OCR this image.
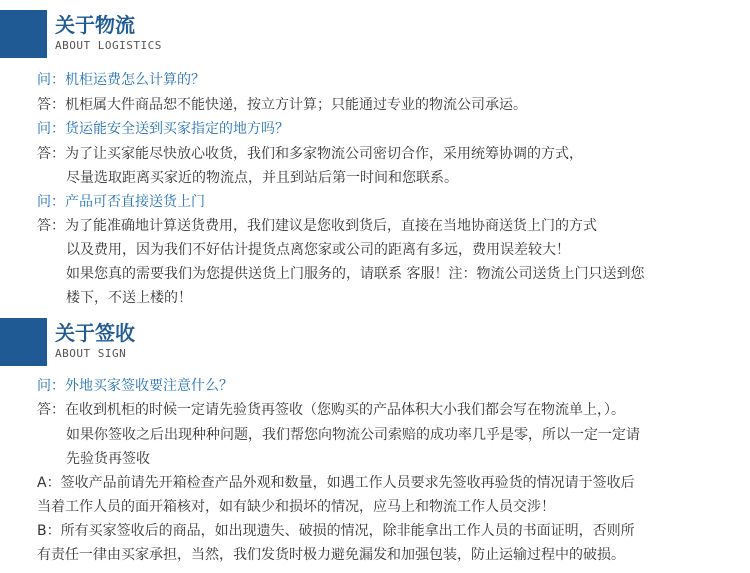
关于物流
ABOUT LOGISTICS
问：机柜运费怎么计算的？
答：机柜属大件商品恕不能快递，按立方计算；只能通过专业的物流公司承运。
问：货运能安全送到买家指定的地方吗？
答：为了让买家能尽快放心收货，我们和多家物流公司密切合作，采用统筹协调的方式，
尽量选取距离买家近的物流点，并且到站后第一时间和您联系。
问：产品可否直接送货上门
答：为了能准确地计算送货费用，我们建议是您收到货后，直接在当地协商送货上门的方式
以及费用，因为我们不好估计提货点离您家或公司的距离有多远，费用误差较大！
如果您真的需要我们为您提供送货上门服务的，请联系 客服！注：物流公司送货上门只送到您
楼下，不送上楼的！
关于签收
ABOUT SIGN
问：外地买家签收要注意什么？
答：在收到机柜的时候一定请先验货再签收（您购买的产品体积大小我们都会写在物流单上，）。
如果你签收之后出现种种问题，我们帮您向物流公司索赔的成功率几乎是零，所以一定一定请
先验货再签收
A：签收产品前请先开箱检查产品外观和数量，如遇工作人员要求先签收再验货的情况请于签收后
当着工作人员的面开箱核对，如有缺少和损坏的情况，应马上和物流工作人员交涉！
B：所有买家签收后的商品，如出现遗失、破损的情况，除非能拿出工作人员的书面证明，否则所
有责任一律由买家承担，当然，我们发货时极力避免漏发和加强包装，防止运输过程中的破损。
